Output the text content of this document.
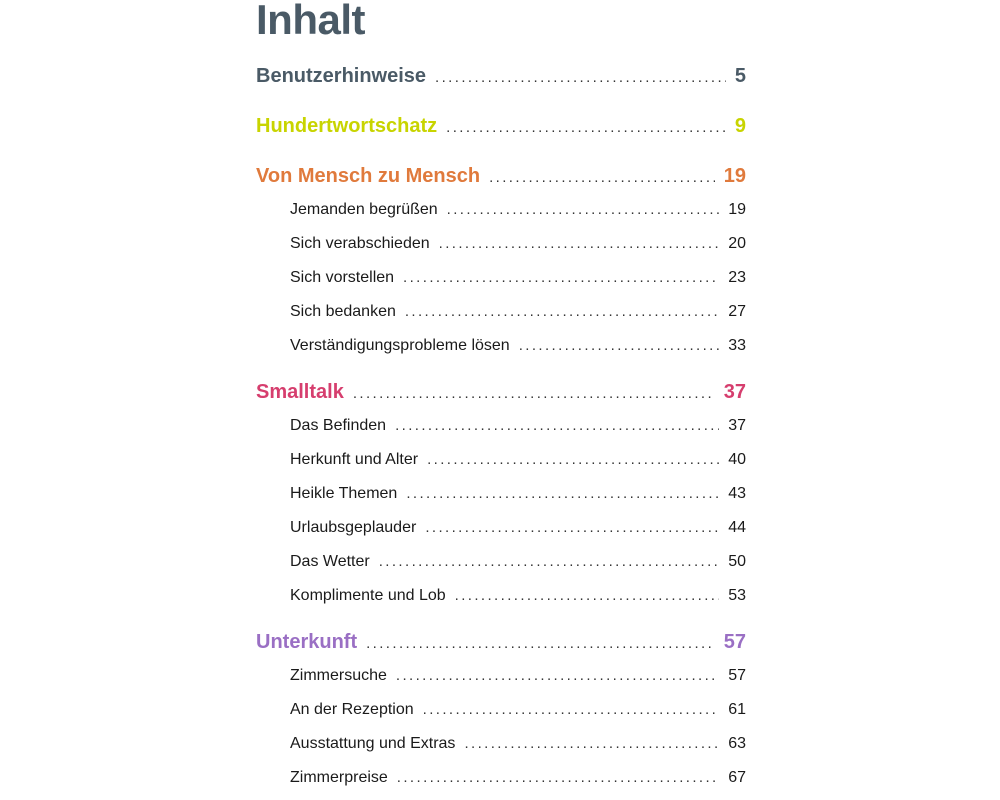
Inhalt
Benutzerhinweise .....	5
Hundertwortschatz .....	9
Von Mensch zu Mensch .....	19
Jemanden begrüßen .....	19
Sich verabschieden .....	20
Sich vorstellen .....	23
Sich bedanken .....	27
Verständigungsprobleme lösen .....	33
Smalltalk .....	37
Das Befinden .....	37
Herkunft und Alter .....	40
Heikle Themen .....	43
Urlaubsgeplauder .....	44
Das Wetter .....	50
Komplimente und Lob .....	53
Unterkunft .....	57
Zimmersuche .....	57
An der Rezeption .....	61
Ausstattung und Extras .....	63
Zimmerpreise .....	67
